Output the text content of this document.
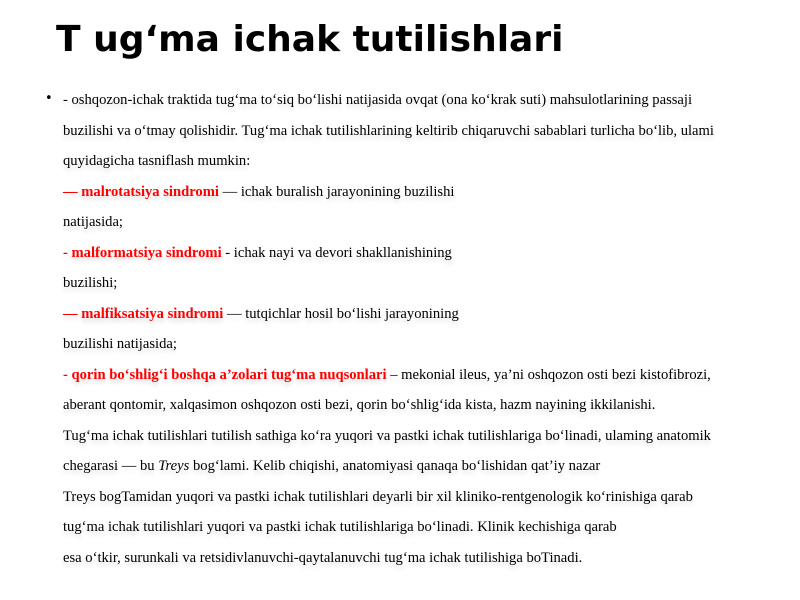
T ug‘ma ichak tutilishlari
• - oshqozon-ichak traktida tug‘ma to‘siq bo‘lishi natijasida ovqat (ona ko‘krak suti) mahsulotlarining passaji
buzilishi va o‘tmay qolishidir. Tug‘ma ichak tutilishlarining keltirib chiqaruvchi sabablari turlicha bo‘lib, ulami
quyidagicha tasniflash mumkin:
— malrotatsiya sindromi — ichak buralish jarayonining buzilishi
natijasida;
- malformatsiya sindromi - ichak nayi va devori shakllanishining
buzilishi;
— malfiksatsiya sindromi — tutqichlar hosil bo‘lishi jarayonining
buzilishi natijasida;
- qorin bo‘shlig‘i boshqa a’zolari tug‘ma nuqsonlari – mekonial ileus, ya’ni oshqozon osti bezi kistofibrozi,
aberant qontomir, xalqasimon oshqozon osti bezi, qorin bo‘shlig‘ida kista, hazm nayining ikkilanishi.
Tug‘ma ichak tutilishlari tutilish sathiga ko‘ra yuqori va pastki ichak tutilishlariga bo‘linadi, ulaming anatomik
chegarasi — bu Treys bog‘lami. Kelib chiqishi, anatomiyasi qanaqa bo‘lishidan qat’iy nazar
Treys bogTamidan yuqori va pastki ichak tutilishlari deyarli bir xil kliniko-rentgenologik ko‘rinishiga qarab
tug‘ma ichak tutilishlari yuqori va pastki ichak tutilishlariga bo‘linadi. Klinik kechishiga qarab
esa o‘tkir, surunkali va retsidivlanuvchi-qaytalanuvchi tug‘ma ichak tutilishiga boTinadi.
